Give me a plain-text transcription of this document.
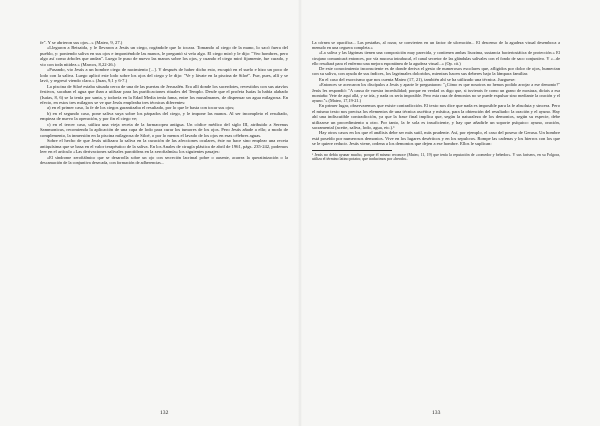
fe". Y se abrieron sus ojos...» (Mateo, 9, 27.)

«Llegaron a Betsaida, y le llevaron a Jesús un ciego, rogándole que lo tocara. Tomando al ciego de la mano, lo sacó fuera del pueblo, y: poniendo saliva en sus ojos e imponiéndole las manos, le preguntó si veía algo. El ciego miró y le dijo: "Veo hombres, pero algo así como árboles que andan". Luego le puso de nuevo las manos sobre los ojos, y cuando el ciego miró fijamente, fue curado, y vio con toda nitidez.» (Marcos, 8,22-26.)

«Pasando, vio Jesús a un hombre ciego de nacimiento [...]. Y después de haber dicho esto, escupió en el suelo e hizo un poco de lodo con la saliva. Luego aplicó este lodo sobre los ojos del ciego y le dijo: "Ve y lávate en la piscina de Siloé". Fue, pues, allí y se lavó, y regresó viendo claro.» (Juan, 9,1 y 6-7.)

La piscina de Siloé estaba situada cerca de una de las puertas de Jerusalén. Era allí donde los sacerdotes, revestidos con sus atavíos festivos, sacaban el agua que iban a utilizar para las purificaciones rituales del Templo. Desde que el profeta Isaías la había alabado (Isaías, 8, 6) se la tenía por santa, y todavía en la Edad Media tenía fama, entre los musulmanes, de dispensar un agua milagrosa. En efecto, en estos tres milagros se ve que Jesús empleaba tres técnicas diferentes:

a) en el primer caso, la fe de los ciegos garantizaba el resultado, por lo que le basta con tocar sus ojos;

b) en el segundo caso, pone saliva suya sobre los párpados del ciego, y le impone las manos. Al ser incompleto el resultado, empieza de nuevo la operación, y por fin el ciego ve;

c) en el tercer caso, utiliza una vieja receta de la farmacopea antigua. Un códice médico del siglo III, atribuido a Serenus Sammonicus, recomienda la aplicación de una capa de lodo para curar los tumores de los ojos. Pero Jesús añade a ello; a modo de complemento, la inmersión en la piscina milagrosa de Siloé, o por lo menos el lavado de los ojos en esas célebres aguas.

Sobre el hecho de que Jesús utilizara la saliva en la curación de las afecciones oculares, éste no hace sino emplear una receta antiquísima que se basa en el valor terapéutico de la saliva. En los Anales de cirugía plástica de abril de 1961, págs. 235-242, podemos leer en el artículo «Las derivaciones salivales parotídeas en la xeroftalmía» los siguientes pasajes:

«El síndrome xeroftálmico que se desarrolla sobre un ojo con secreción lacrimal pobre o ausente, acarrea la queratinización o la descamación de la conjuntiva desecada, con formación de adherencias...

132

La córnea se opacifica... Las pestañas, al rozar, se convierten en un factor de ulceración... El descenso de la agudeza visual desemboca a menudo en una ceguera completa.»

«La saliva y las lágrimas tienen una composición muy parecida, y contienen ambas lisozima, sustancia bacteriostática de protección.» El cirujano comunicará entonces, por vía mucosa intrabucal, el canal secretor de las glándulas salivales con el fondo de saco conjuntivo. Y «...de ello resultará para el enfermo una mejora espontánea de la agudeza visual...» (Op. cit.)

De este conocimiento inconsciente es de donde deriva el gesto de numerosos escolares que, afligidos por dolor de ojos, humectan con su saliva, con ayuda de sus índices, los lagrimales doloridos, mientras hacen sus deberes bajo la lámpara familiar.

En el caso del exorcismo que nos cuenta Mateo (17, 21), también ahí se ha utilizado una técnica. Juzguese:

«Entonces se acercaron los discípulos a Jesús y aparte le preguntaron: "¿Cómo es que nosotros no hemos podido arrojar a ese demonio?" Jesús les respondió: "A causa de vuestra incredulidad; porque en verdad os digo que, si tuvierais fe como un grano de mostaza, diríais a esa montaña: Vete de aquí allá, y se iría, y nada os sería imposible. Pero esta raza de demonios no se puede expulsar sino mediante la oración y el ayuno."» (Mateo, 17,19-21.)

En primer lugar, observaremos que existe contradicción. El texto nos dice que nada es imposible para la fe absoluta y sincera. Pero el mismo texto nos precisa los elementos de una técnica ascética y mística, para la obtención del resultado: la oración y el ayuno. Hay ahí una indiscutible contradicción, ya que la frase final implica que, según la naturaleza de los demonios, según su especie, debe utilizarse un procedimiento u otro. Por tanto, la fe sola es insuficiente, y hay que añadirle un soporte psíquico: ayuno, oración, sacramental (aceite, saliva, lodo, agua, etc.).¹

Hay otros casos en los que el análisis debe ser más sutil, más prudente. Así, por ejemplo, el caso del poseso de Gerasa. Un hombre está poseído por numerosos demonios. Vive en los lugares desérticos y en los sepulcros. Rompe las cadenas y los hierros con los que se le quiere reducir. Jesús viene, ordena a los demonios que dejen a ese hombre. Ellos le suplican:

¹ Jesús no debía ayunar mucho, porque él mismo reconoce (Mateo, 11, 19) que tenía la reputación de «comedor y bebedor». Y sus fariseos, en su Folgora, utiliza el término latino potator, que traducimos por «beodo».
133
